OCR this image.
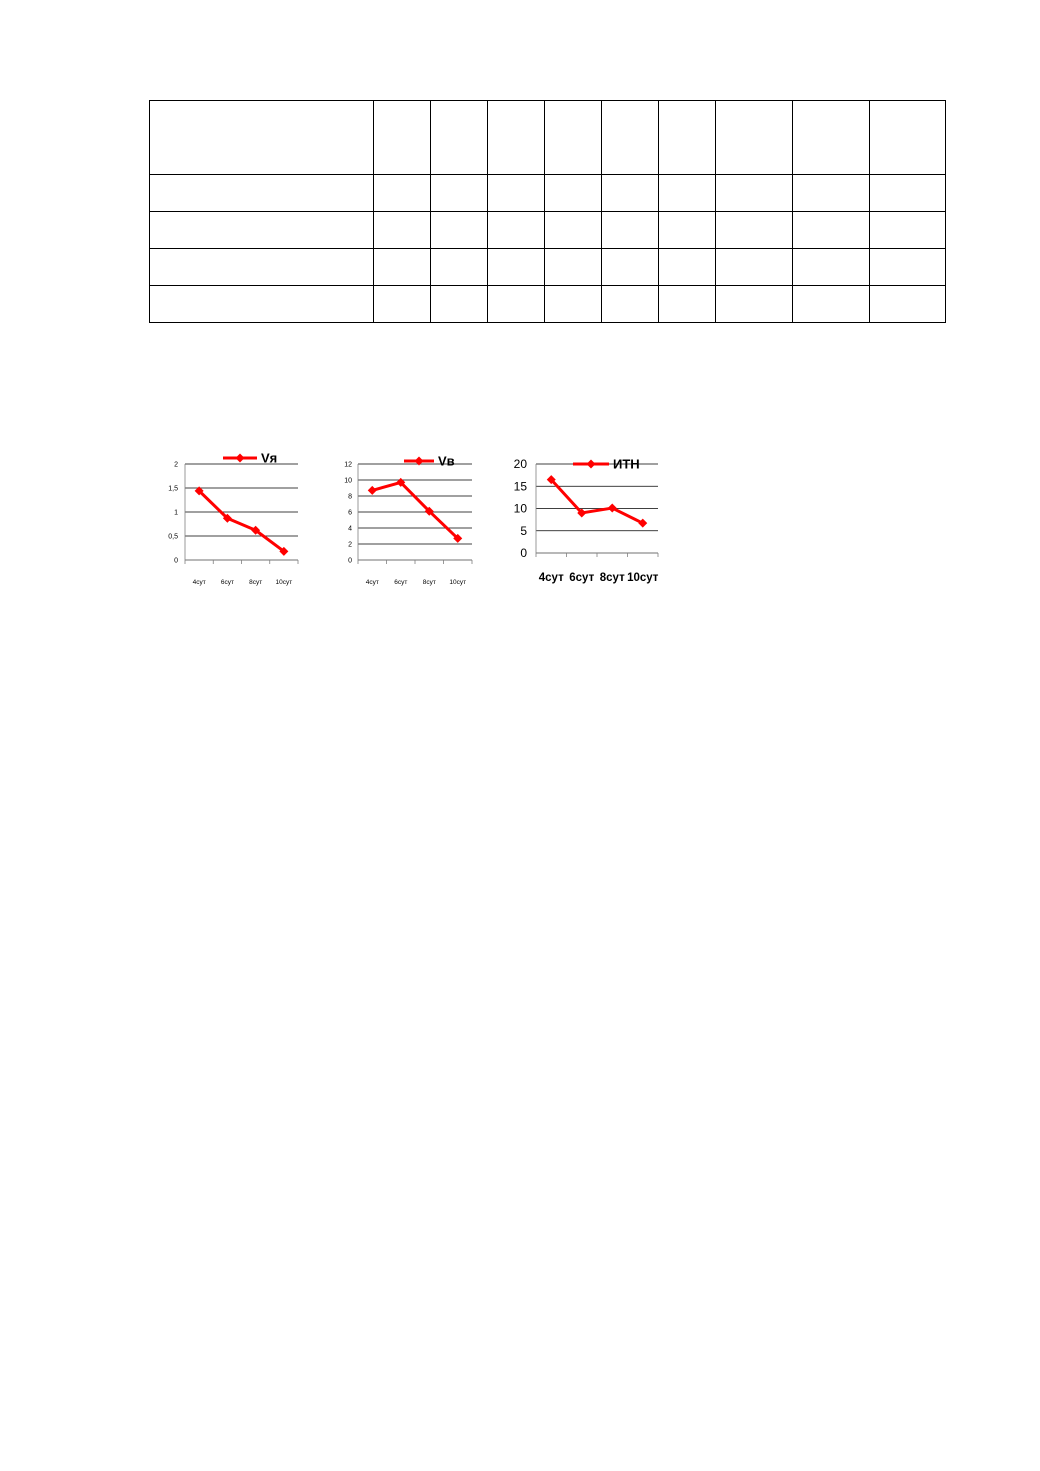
0
0,5
1
1,5
2
4сут 6сут 8сут 10сут
Vя
0
2
4
6
8
10
12
4сут 6сут 8сут 10сут
Vв
0
5
10
15
20
4сут 6сут 8сут 10сут
ИТН
